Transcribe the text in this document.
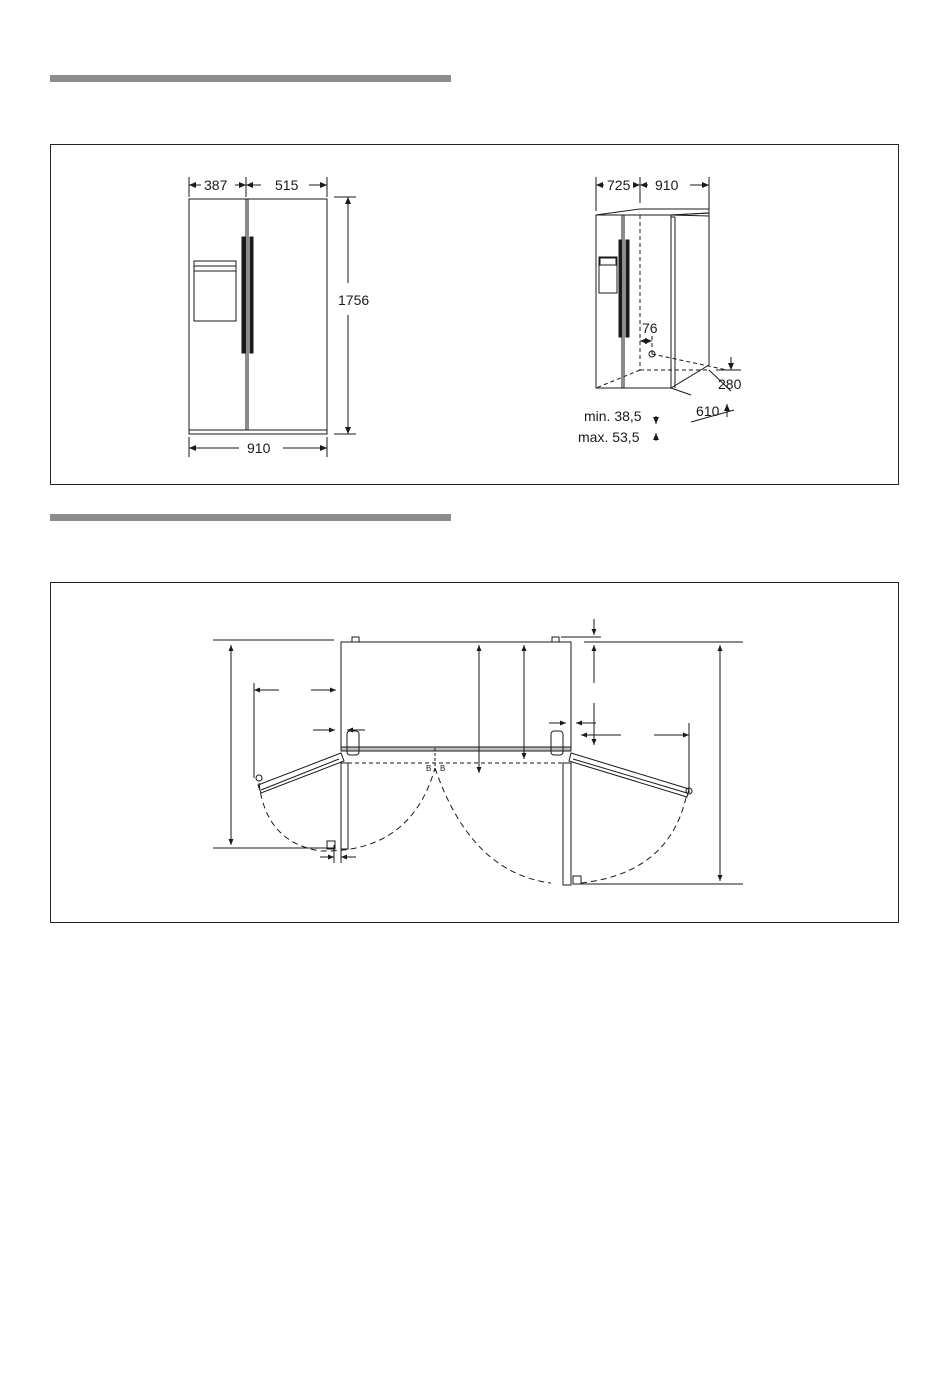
387	515
1756
910
725 910
76
280
610
min. 38,5
max. 53,5
B B
